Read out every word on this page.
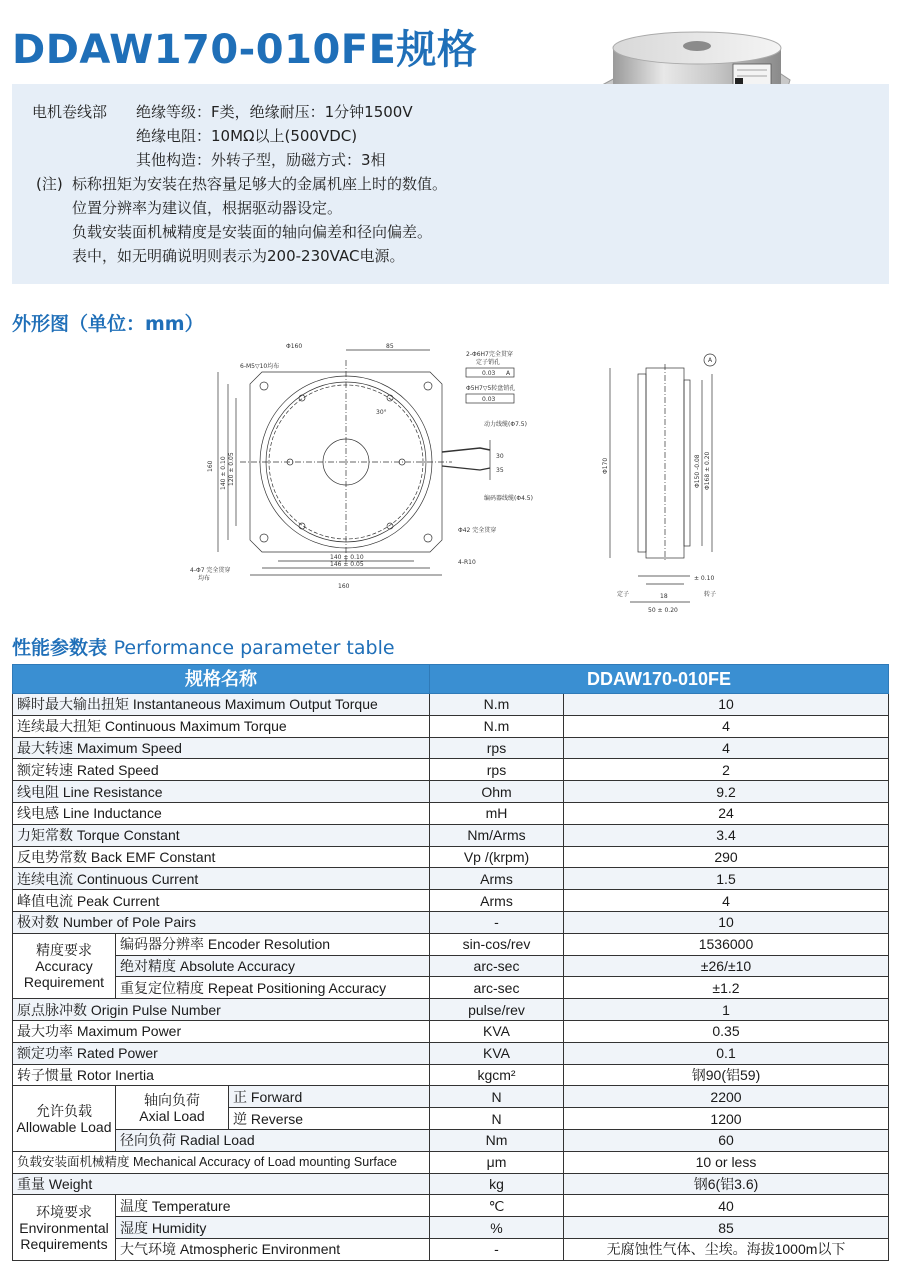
DDAW170-010FE规格
电机卷线部 绝缘等级：F类，绝缘耐压：1分钟1500V
绝缘电阻：10MΩ以上(500VDC)
其他构造：外转子型，励磁方式：3相
(注) 标称扭矩为安装在热容量足够大的金属机座上时的数值。
位置分辨率为建议值，根据驱动器设定。
负载安装面机械精度是安装面的轴向偏差和径向偏差。
表中，如无明确说明则表示为200-230VAC电源。
外形图（单位：mm）
Φ160	85
6-M5▽10均布
2-Φ6H7完全贯穿
定子销孔
0.03 A
Φ5H7▽5转盘销孔
0.03
动力线缆(Φ7.5)
编码器线缆(Φ4.5)
Φ42 完全贯穿
4-R10
4-Φ7 完全贯穿
均布
140 ± 0.10
146 ± 0.05
160
30°
30
35
定子	转子
18
50 ± 0.20
± 0.10
A
160 140 ± 0.10 120 ± 0.05	Φ170	Φ150 -0.08 Φ168 ± 0.20
性能参数表 Performance parameter table
规格名称			DDAW170-010FE	
瞬时最大输出扭矩 Instantaneous Maximum Output Torque			N.m	10
连续最大扭矩 Continuous Maximum Torque			N.m	4
最大转速 Maximum Speed			rps	4
额定转速 Rated Speed			rps	2
线电阻 Line Resistance			Ohm	9.2
线电感 Line Inductance			mH	24
力矩常数 Torque Constant			Nm/Arms	3.4
反电势常数 Back EMF Constant			Vp /(krpm)	290
连续电流 Continuous Current			Arms	1.5
峰值电流 Peak Current			Arms	4
极对数 Number of Pole Pairs			-	10
精度要求
Accuracy
Requirement	编码器分辨率 Encoder Resolution		sin-cos/rev	1536000
	绝对精度 Absolute Accuracy		arc-sec	±26/±10
	重复定位精度 Repeat Positioning Accuracy		arc-sec	±1.2
原点脉冲数 Origin Pulse Number			pulse/rev	1
最大功率 Maximum Power			KVA	0.35
额定功率 Rated Power			KVA	0.1
转子惯量 Rotor Inertia			kgcm²	钢90(铝59)
允许负载
Allowable Load	轴向负荷
Axial Load	正 Forward	N	2200
		逆 Reverse	N	1200
	径向负荷 Radial Load		Nm	60
负载安装面机械精度 Mechanical Accuracy of Load mounting Surface			μm	10 or less
重量 Weight			kg	钢6(铝3.6)
环境要求
Environmental
Requirements	温度 Temperature		℃	40
	湿度 Humidity		%	85
	大气环境 Atmospheric Environment		-	无腐蚀性气体、尘埃。海拔1000m以下
